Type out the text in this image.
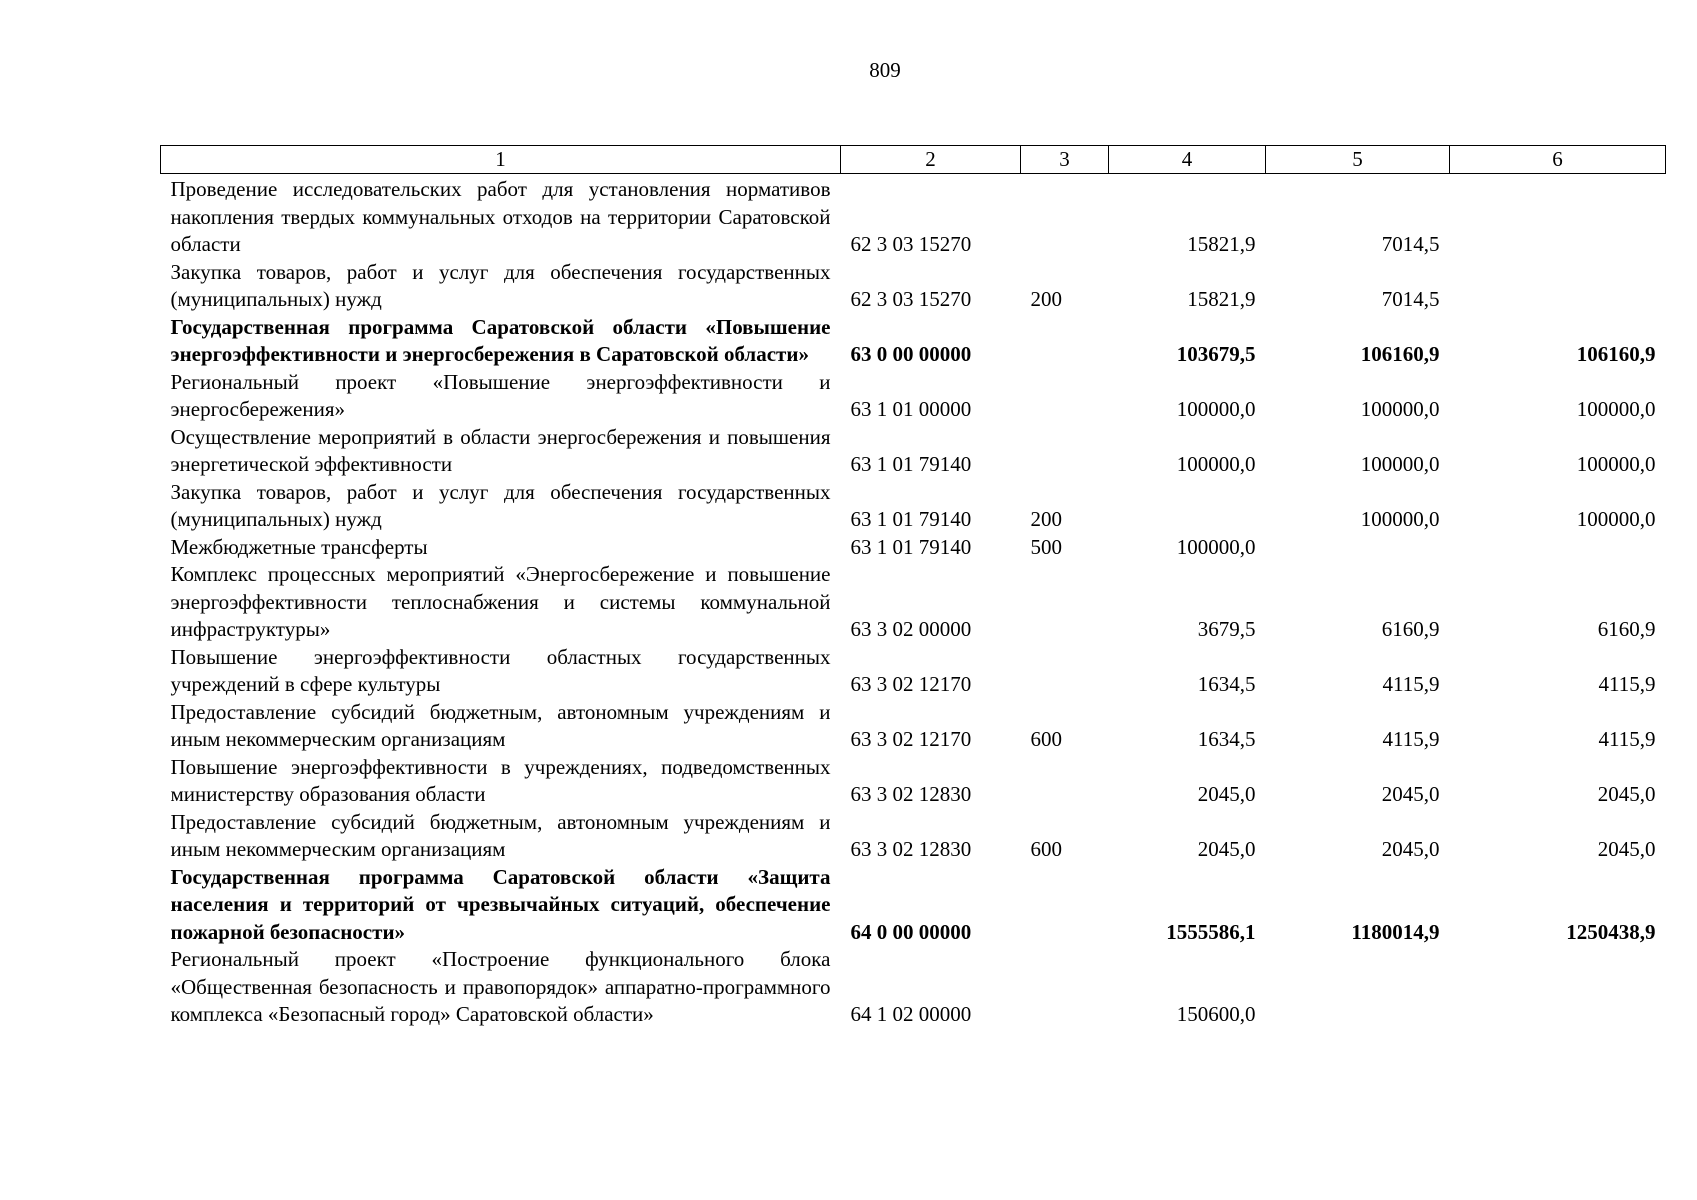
809
1	2	3	4	5	6
Проведение исследовательских работ для установления нормативов накопления твердых коммунальных отходов на территории Саратовской области	62 3 03 15270		15821,9	7014,5	
Закупка товаров, работ и услуг для обеспечения государственных (муниципальных) нужд	62 3 03 15270	200	15821,9	7014,5	
Государственная программа Саратовской области «Повышение энергоэффективности и энергосбережения в Саратовской области»	63 0 00 00000		103679,5	106160,9	106160,9
Региональный проект «Повышение энергоэффективности и энергосбережения»	63 1 01 00000		100000,0	100000,0	100000,0
Осуществление мероприятий в области энергосбережения и повышения энергетической эффективности	63 1 01 79140		100000,0	100000,0	100000,0
Закупка товаров, работ и услуг для обеспечения государственных (муниципальных) нужд	63 1 01 79140	200		100000,0	100000,0
Межбюджетные трансферты	63 1 01 79140	500	100000,0		
Комплекс процессных мероприятий «Энергосбережение и повышение энергоэффективности теплоснабжения и системы коммунальной инфраструктуры»	63 3 02 00000		3679,5	6160,9	6160,9
Повышение энергоэффективности областных государственных учреждений в сфере культуры	63 3 02 12170		1634,5	4115,9	4115,9
Предоставление субсидий бюджетным, автономным учреждениям и иным некоммерческим организациям	63 3 02 12170	600	1634,5	4115,9	4115,9
Повышение энергоэффективности в учреждениях, подведомственных министерству образования области	63 3 02 12830		2045,0	2045,0	2045,0
Предоставление субсидий бюджетным, автономным учреждениям и иным некоммерческим организациям	63 3 02 12830	600	2045,0	2045,0	2045,0
Государственная программа Саратовской области «Защита населения и территорий от чрезвычайных ситуаций, обеспечение пожарной безопасности»	64 0 00 00000		1555586,1	1180014,9	1250438,9
Региональный проект «Построение функционального блока «Общественная безопасность и правопорядок» аппаратно-программного комплекса «Безопасный город» Саратовской области»	64 1 02 00000		150600,0		
